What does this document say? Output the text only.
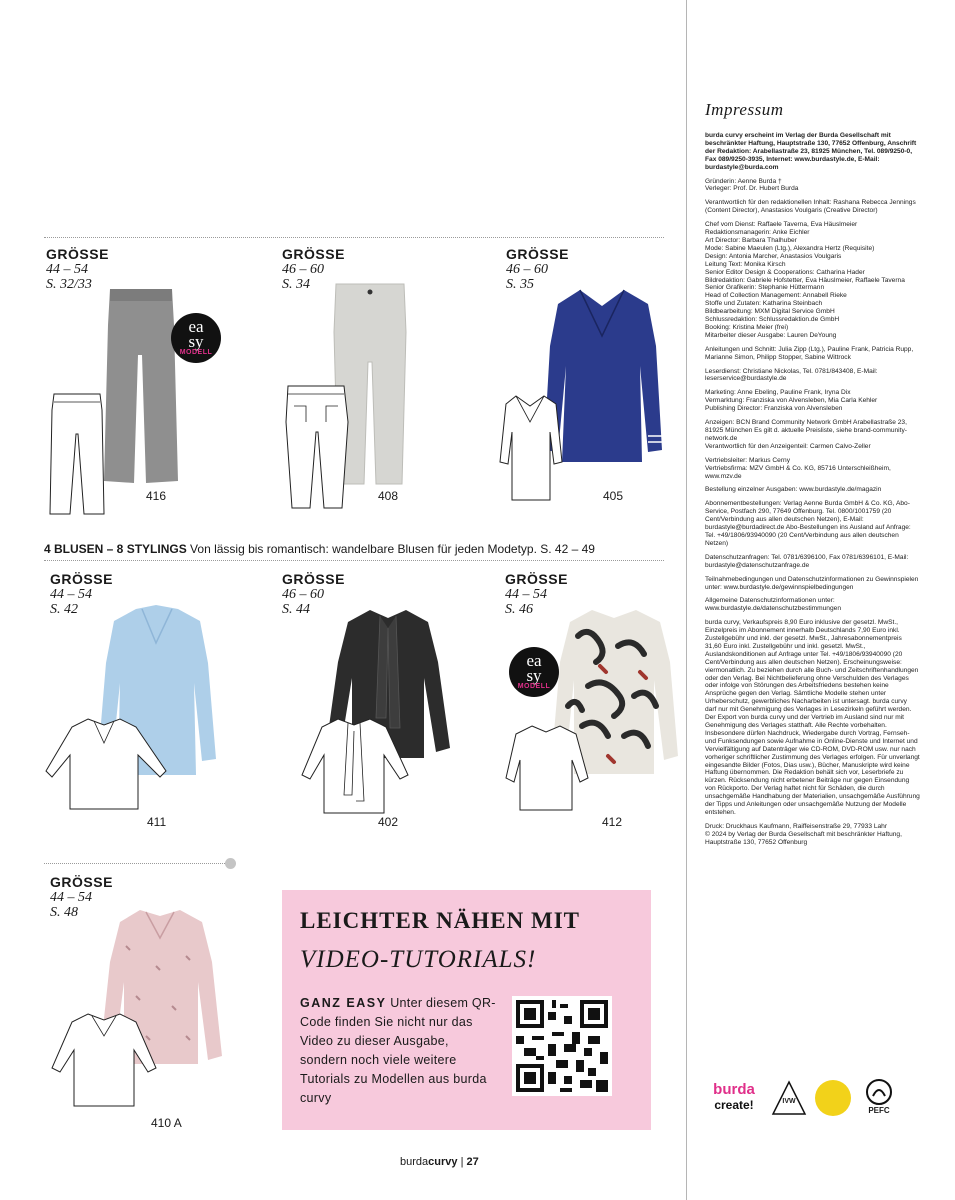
GRÖSSE
44 – 54
S. 32/33
ea
sy
MODELL
416
GRÖSSE
46 – 60
S. 34
408
GRÖSSE
46 – 60
S. 35
405
4 BLUSEN – 8 STYLINGS Von lässig bis romantisch: wandelbare Blusen für jeden Modetyp. S. 42 – 49
GRÖSSE
44 – 54
S. 42
411
GRÖSSE
46 – 60
S. 44
402
GRÖSSE
44 – 54
S. 46
ea
sy
MODELL
412
GRÖSSE
44 – 54
S. 48
410 A
LEICHTER NÄHEN MIT
VIDEO-TUTORIALS!
GANZ EASY Unter diesem QR-Code finden Sie nicht nur das Video zu dieser Ausgabe, sondern noch viele weitere Tutorials zu Modellen aus burda curvy
Impressum

burda curvy erscheint im Verlag der Burda Gesellschaft mit beschränkter Haftung, Hauptstraße 130, 77652 Offenburg, Anschrift der Redaktion: Arabellastraße 23, 81925 München, Tel. 089/9250-0, Fax 089/9250-3935, Internet: www.burdastyle.de, E-Mail: burdastyle@burda.com

Gründerin: Aenne Burda †
Verleger: Prof. Dr. Hubert Burda

Verantwortlich für den redaktionellen Inhalt: Rashana Rebecca Jennings (Content Director), Anastasios Voulgaris (Creative Director)

Chef vom Dienst: Raffaele Taverna, Eva Häuslmeier
Redaktionsmanagerin: Anke Eichler
Art Director: Barbara Thalhuber
Mode: Sabine Maeulen (Ltg.), Alexandra Hertz (Requisite)
Design: Antonia Marcher, Anastasios Voulgaris
Leitung Text: Monika Kirsch
Senior Editor Design & Cooperations: Catharina Hader
Bildredaktion: Gabriele Hofstetter, Eva Häuslmeier, Raffaele Taverna
Senior Grafikerin: Stephanie Hüttermann
Head of Collection Management: Annabell Rieke
Stoffe und Zutaten: Katharina Steinbach
Bildbearbeitung: MXM Digital Service GmbH
Schlussredaktion: Schlussredaktion.de GmbH
Booking: Kristina Meier (frei)
Mitarbeiter dieser Ausgabe: Lauren DeYoung

Anleitungen und Schnitt: Julia Zipp (Ltg.), Pauline Frank, Patricia Rupp, Marianne Simon, Philipp Stopper, Sabine Wittrock

Leserdienst: Christiane Nickolas, Tel. 0781/843408, E-Mail: leserservice@burdastyle.de

Marketing: Anne Ebeling, Pauline Frank, Iryna Dix
Vermarktung: Franziska von Alvensleben, Mia Carla Kehler
Publishing Director: Franziska von Alvensleben

Anzeigen: BCN Brand Community Network GmbH Arabellastraße 23, 81925 München Es gilt d. aktuelle Preisliste, siehe brand-community-network.de
Verantwortlich für den Anzeigenteil: Carmen Calvo-Zeller

Vertriebsleiter: Markus Cerny
Vertriebsfirma: MZV GmbH & Co. KG, 85716 Unterschleißheim, www.mzv.de

Bestellung einzelner Ausgaben: www.burdastyle.de/magazin

Abonnementbestellungen: Verlag Aenne Burda GmbH & Co. KG, Abo-Service, Postfach 290, 77649 Offenburg. Tel. 0800/1001759 (20 Cent/Verbindung aus allen deutschen Netzen), E-Mail: burdastyle@burdadirect.de Abo-Bestellungen ins Ausland auf Anfrage: Tel. +49/1806/93940090 (20 Cent/Verbindung aus allen deutschen Netzen)

Datenschutzanfragen: Tel. 0781/6396100, Fax 0781/6396101, E-Mail: burdastyle@datenschutzanfrage.de

Teilnahmebedingungen und Datenschutzinformationen zu Gewinnspielen unter: www.burdastyle.de/gewinnspielbedingungen

Allgemeine Datenschutzinformationen unter: www.burdastyle.de/datenschutzbestimmungen

burda curvy, Verkaufspreis 8,90 Euro inklusive der gesetzl. MwSt., Einzelpreis im Abonnement innerhalb Deutschlands 7,90 Euro inkl. Zustellgebühr und inkl. der gesetzl. MwSt., Jahresabonnementpreis 31,60 Euro inkl. Zustellgebühr und inkl. gesetzl. MwSt., Auslandskonditionen auf Anfrage unter Tel. +49/1806/93940090 (20 Cent/Verbindung aus allen deutschen Netzen). Erscheinungsweise: viermonatlich. Zu beziehen durch alle Buch- und Zeitschriftenhandlungen oder den Verlag. Bei Nichtbelieferung ohne Verschulden des Verlages oder infolge von Störungen des Arbeitsfriedens bestehen keine Ansprüche gegen den Verlag. Sämtliche Modelle stehen unter Urheberschutz, gewerbliches Nacharbeiten ist untersagt. burda curvy darf nur mit Genehmigung des Verlages in Lesezirkeln geführt werden. Der Export von burda curvy und der Vertrieb im Ausland sind nur mit Genehmigung des Verlages statthaft. Alle Rechte vorbehalten. Insbesondere dürfen Nachdruck, Wiedergabe durch Vortrag, Fernseh- und Funksendungen sowie Aufnahme in Online-Dienste und Internet und Vervielfältigung auf Datenträger wie CD-ROM, DVD-ROM usw. nur nach vorheriger schriftlicher Zustimmung des Verlages erfolgen. Für unverlangt eingesandte Bilder (Fotos, Dias usw.), Bücher, Manuskripte wird keine Haftung übernommen. Die Redaktion behält sich vor, Leserbriefe zu kürzen. Rücksendung nicht erbetener Beiträge nur gegen Einsendung von Rückporto. Der Verlag haftet nicht für Schäden, die durch unsachgemäße Handhabung der Materialien, unsachgemäße Ausführung der Tipps und Anleitungen oder unsachgemäße Nutzung der Modelle entstehen.

Druck: Druckhaus Kaufmann, Raiffeisenstraße 29, 77933 Lahr
© 2024 by Verlag der Burda Gesellschaft mit beschränkter Haftung, Hauptstraße 130, 77652 Offenburg

burda
create!	IVW
PEFC
burdacurvy | 27
